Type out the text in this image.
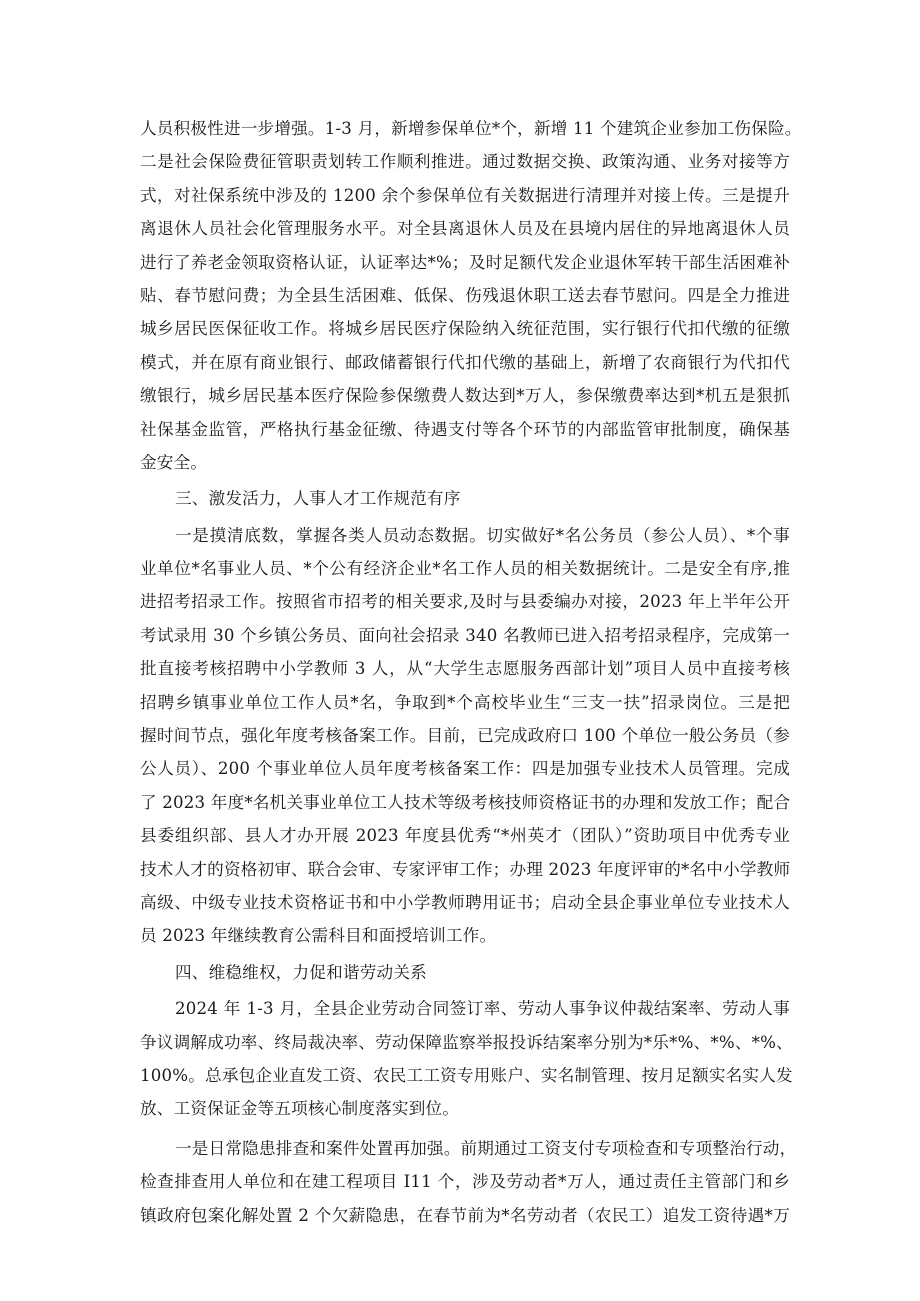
人员积极性进一步增强。1-3 月，新增参保单位*个，新增 11 个建筑企业参加工伤保险。
二是社会保险费征管职责划转工作顺利推进。通过数据交换、政策沟通、业务对接等方
式，对社保系统中涉及的 1200 余个参保单位有关数据进行清理并对接上传。三是提升
离退休人员社会化管理服务水平。对全县离退休人员及在县境内居住的异地离退休人员
进行了养老金领取资格认证，认证率达*%；及时足额代发企业退休军转干部生活困难补
贴、春节慰问费；为全县生活困难、低保、伤残退休职工送去春节慰问。四是全力推进
城乡居民医保征收工作。将城乡居民医疗保险纳入统征范围，实行银行代扣代缴的征缴
模式，并在原有商业银行、邮政储蓄银行代扣代缴的基础上，新增了农商银行为代扣代
缴银行，城乡居民基本医疗保险参保缴费人数达到*万人，参保缴费率达到*机五是狠抓
社保基金监管，严格执行基金征缴、待遇支付等各个环节的内部监管审批制度，确保基
金安全。
三、激发活力，人事人才工作规范有序
一是摸清底数，掌握各类人员动态数据。切实做好*名公务员（参公人员）、*个事
业单位*名事业人员、*个公有经济企业*名工作人员的相关数据统计。二是安全有序,推
进招考招录工作。按照省市招考的相关要求,及时与县委编办对接，2023 年上半年公开
考试录用 30 个乡镇公务员、面向社会招录 340 名教师已进入招考招录程序，完成第一
批直接考核招聘中小学教师 3 人，从“大学生志愿服务西部计划”项目人员中直接考核
招聘乡镇事业单位工作人员*名，争取到*个高校毕业生“三支一扶”招录岗位。三是把
握时间节点，强化年度考核备案工作。目前，已完成政府口 100 个单位一般公务员（参
公人员）、200 个事业单位人员年度考核备案工作：四是加强专业技术人员管理。完成
了 2023 年度*名机关事业单位工人技术等级考核技师资格证书的办理和发放工作；配合
县委组织部、县人才办开展 2023 年度县优秀“*州英才（团队）”资助项目中优秀专业
技术人才的资格初审、联合会审、专家评审工作；办理 2023 年度评审的*名中小学教师
高级、中级专业技术资格证书和中小学教师聘用证书；启动全县企事业单位专业技术人
员 2023 年继续教育公需科目和面授培训工作。
四、维稳维权，力促和谐劳动关系
2024 年 1-3 月，全县企业劳动合同签订率、劳动人事争议仲裁结案率、劳动人事
争议调解成功率、终局裁决率、劳动保障监察举报投诉结案率分别为*乐*%、*%、*%、
100%。总承包企业直发工资、农民工工资专用账户、实名制管理、按月足额实名实人发
放、工资保证金等五项核心制度落实到位。
一是日常隐患排查和案件处置再加强。前期通过工资支付专项检查和专项整治行动，
检查排查用人单位和在建工程项目 I11 个，涉及劳动者*万人，通过责任主管部门和乡
镇政府包案化解处置 2 个欠薪隐患，在春节前为*名劳动者（农民工）追发工资待遇*万
